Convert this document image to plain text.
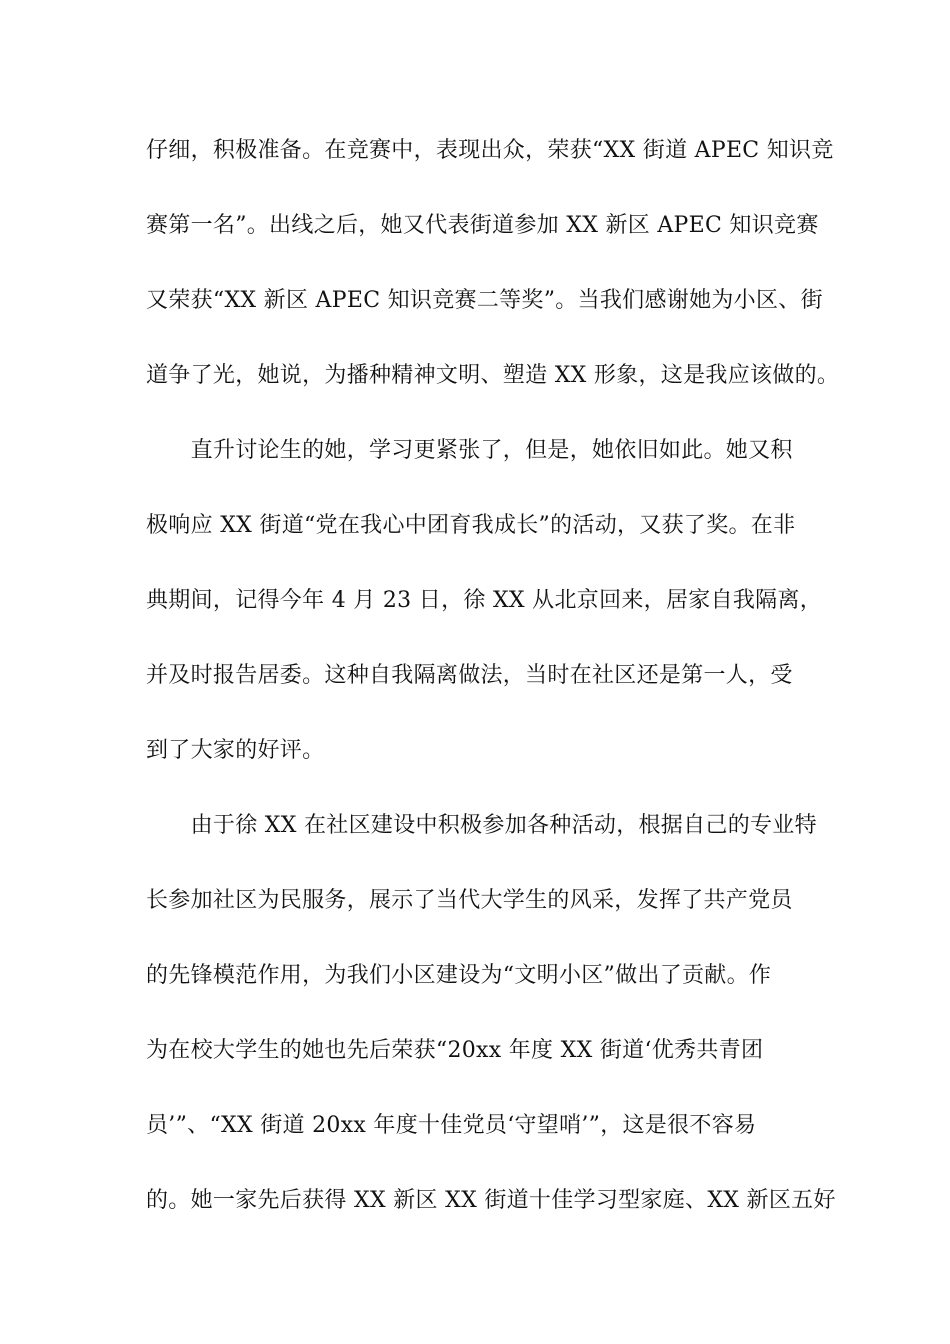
仔细，积极准备。在竞赛中，表现出众，荣获“XX 街道 APEC 知识竞
赛第一名”。出线之后，她又代表街道参加 XX 新区 APEC 知识竞赛
又荣获“XX 新区 APEC 知识竞赛二等奖”。当我们感谢她为小区、街
道争了光，她说，为播种精神文明、塑造 XX 形象，这是我应该做的。
　　直升讨论生的她，学习更紧张了，但是，她依旧如此。她又积
极响应 XX 街道“党在我心中团育我成长”的活动，又获了奖。在非
典期间，记得今年 4 月 23 日，徐 XX 从北京回来，居家自我隔离，
并及时报告居委。这种自我隔离做法，当时在社区还是第一人，受
到了大家的好评。
　　由于徐 XX 在社区建设中积极参加各种活动，根据自己的专业特
长参加社区为民服务，展示了当代大学生的风采，发挥了共产党员
的先锋模范作用，为我们小区建设为“文明小区”做出了贡献。作
为在校大学生的她也先后荣获“20xx 年度 XX 街道‘优秀共青团
员’”、“XX 街道 20xx 年度十佳党员‘守望哨’”，这是很不容易
的。她一家先后获得 XX 新区 XX 街道十佳学习型家庭、XX 新区五好
